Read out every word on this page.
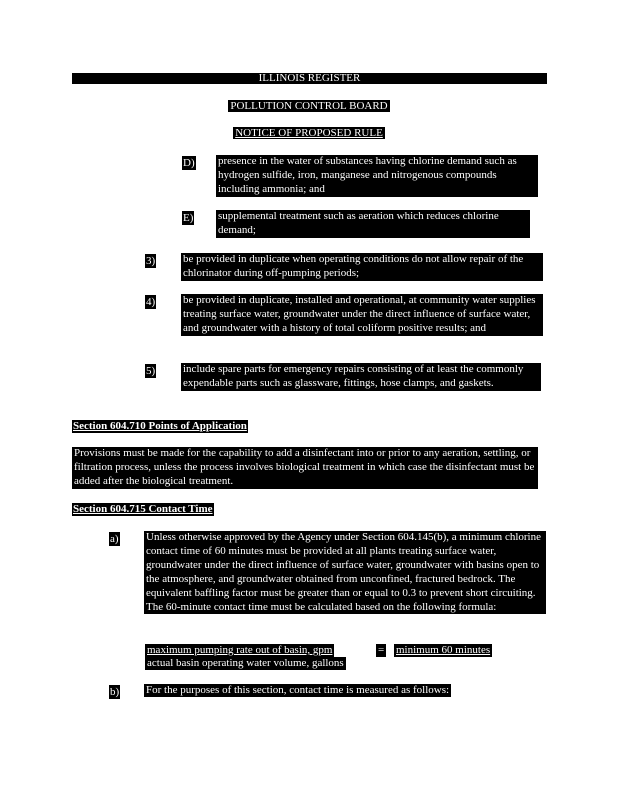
ILLINOIS REGISTER
POLLUTION CONTROL BOARD
NOTICE OF PROPOSED RULE
D) presence in the water of substances having chlorine demand such as hydrogen sulfide, iron, manganese and nitrogenous compounds including ammonia; and
E) supplemental treatment such as aeration which reduces chlorine demand;
3)	be provided in duplicate when operating conditions do not allow repair of the chlorinator during off-pumping periods;
4)	be provided in duplicate, installed and operational, at community water supplies treating surface water, groundwater under the direct influence of surface water, and groundwater with a history of total coliform positive results; and
5)	include spare parts for emergency repairs consisting of at least the commonly expendable parts such as glassware, fittings, hose clamps, and gaskets.
Section 604.710 Points of Application
Provisions must be made for the capability to add a disinfectant into or prior to any aeration, settling, or filtration process, unless the process involves biological treatment in which case the disinfectant must be added after the biological treatment.
Section 604.715 Contact Time
a) Unless otherwise approved by the Agency under Section 604.145(b), a minimum chlorine contact time of 60 minutes must be provided at all plants treating surface water, groundwater under the direct influence of surface water, groundwater with basins open to the atmosphere, and groundwater obtained from unconfined, fractured bedrock. The equivalent baffling factor must be greater than or equal to 0.3 to prevent short circuiting. The 60-minute contact time must be calculated based on the following formula:
maximum pumping rate out of basin, gpm	= minimum 60 minutes
actual basin operating water volume, gallons
b) For the purposes of this section, contact time is measured as follows:
